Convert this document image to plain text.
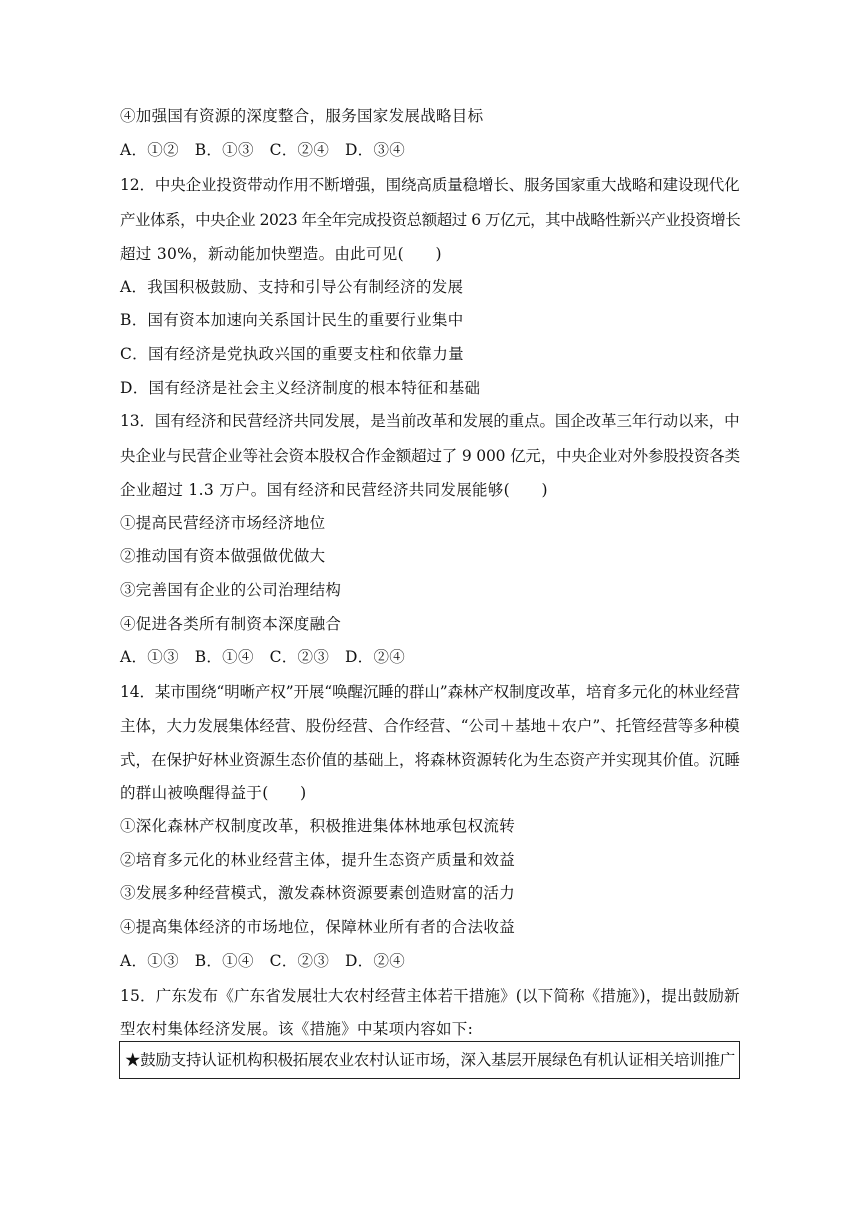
④加强国有资源的深度整合，服务国家发展战略目标
A．①②　B．①③　C．②④　D．③④
12．中央企业投资带动作用不断增强，围绕高质量稳增长、服务国家重大战略和建设现代化
产业体系，中央企业 2023 年全年完成投资总额超过 6 万亿元，其中战略性新兴产业投资增长
超过 30%，新动能加快塑造。由此可见(　　)
A．我国积极鼓励、支持和引导公有制经济的发展
B．国有资本加速向关系国计民生的重要行业集中
C．国有经济是党执政兴国的重要支柱和依靠力量
D．国有经济是社会主义经济制度的根本特征和基础
13．国有经济和民营经济共同发展，是当前改革和发展的重点。国企改革三年行动以来，中
央企业与民营企业等社会资本股权合作金额超过了 9 000 亿元，中央企业对外参股投资各类
企业超过 1.3 万户。国有经济和民营经济共同发展能够(　　)
①提高民营经济市场经济地位
②推动国有资本做强做优做大
③完善国有企业的公司治理结构
④促进各类所有制资本深度融合
A．①③　B．①④　C．②③　D．②④
14．某市围绕“明晰产权”开展“唤醒沉睡的群山”森林产权制度改革，培育多元化的林业经营
主体，大力发展集体经营、股份经营、合作经营、“公司＋基地＋农户”、托管经营等多种模
式，在保护好林业资源生态价值的基础上，将森林资源转化为生态资产并实现其价值。沉睡
的群山被唤醒得益于(　　)
①深化森林产权制度改革，积极推进集体林地承包权流转
②培育多元化的林业经营主体，提升生态资产质量和效益
③发展多种经营模式，激发森林资源要素创造财富的活力
④提高集体经济的市场地位，保障林业所有者的合法收益
A．①③　B．①④　C．②③　D．②④
15．广东发布《广东省发展壮大农村经营主体若干措施》(以下简称《措施》)，提出鼓励新
型农村集体经济发展。该《措施》中某项内容如下:
★鼓励支持认证机构积极拓展农业农村认证市场，深入基层开展绿色有机认证相关培训推广
